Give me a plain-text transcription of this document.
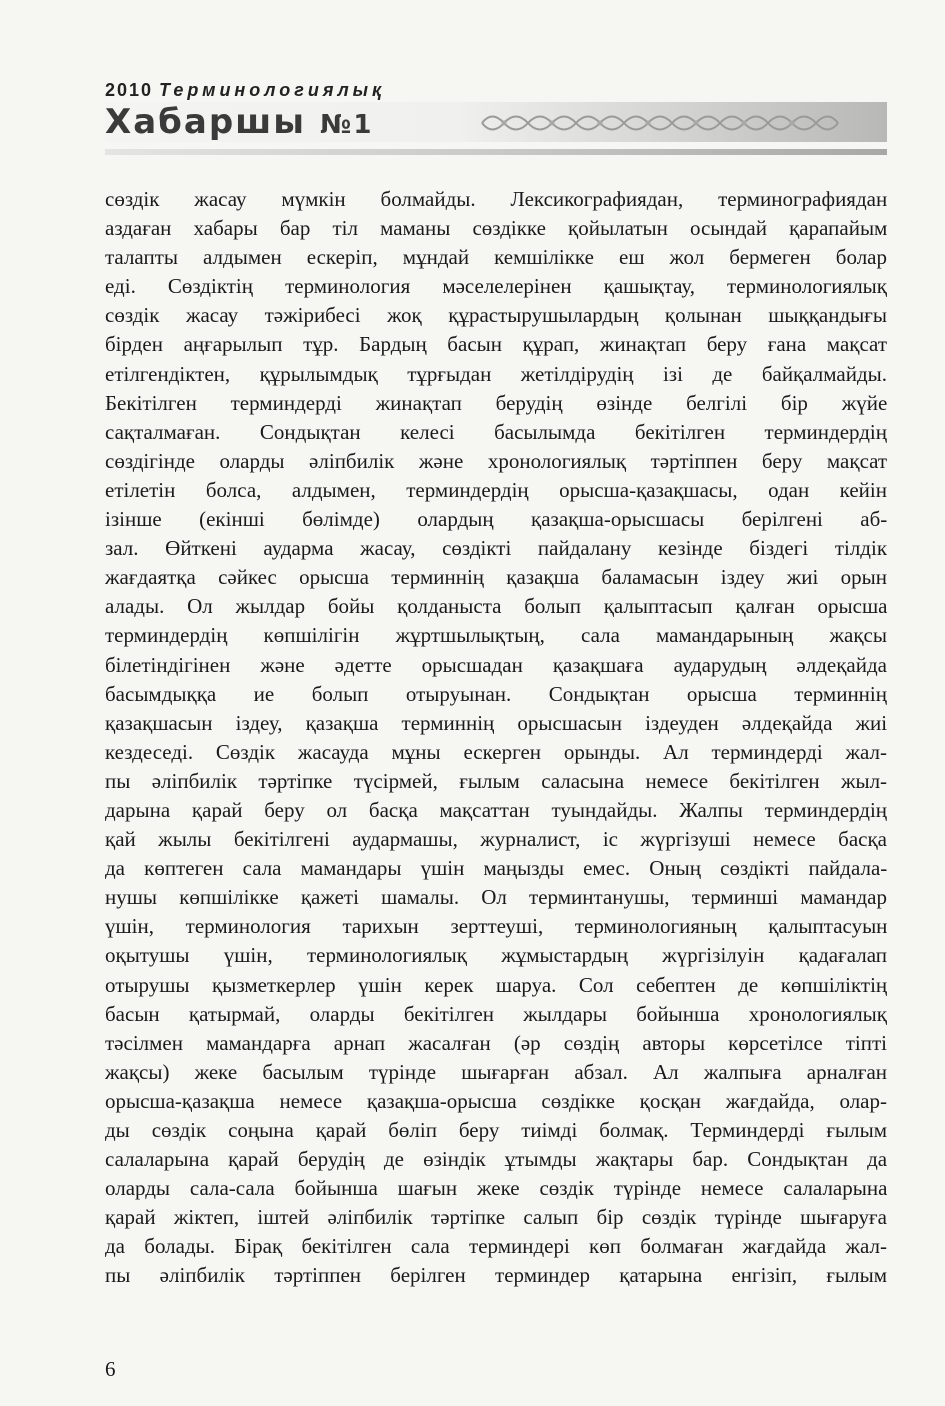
2010 Терминологиялық
Хабаршы №1
сөздік жасау мүмкін болмайды. Лексикографиядан, терминографиядан
аздаған хабары бар тіл маманы сөздікке қойылатын осындай қарапайым
талапты алдымен ескеріп, мұндай кемшілікке еш жол бермеген болар
еді. Сөздіктің терминология мәселелерінен қашықтау, терминологиялық
сөздік жасау тәжірибесі жоқ құрастырушылардың қолынан шыққандығы
бірден аңғарылып тұр. Бардың басын құрап, жинақтап беру ғана мақсат
етілгендіктен, құрылымдық тұрғыдан жетілдірудің ізі де байқалмайды.
Бекітілген терминдерді жинақтап берудің өзінде белгілі бір жүйе
сақталмаған. Сондықтан келесі басылымда бекітілген терминдердің
сөздігінде оларды әліпбилік және хронологиялық тәртіппен беру мақсат
етілетін болса, алдымен, терминдердің орысша-қазақшасы, одан кейін
ізінше (екінші бөлімде) олардың қазақша-орысшасы берілгені аб-
зал. Өйткені аударма жасау, сөздікті пайдалану кезінде біздегі тілдік
жағдаятқа сәйкес орысша терминнің қазақша баламасын іздеу жиі орын
алады. Ол жылдар бойы қолданыста болып қалыптасып қалған орысша
терминдердің көпшілігін жұртшылықтың, сала мамандарының жақсы
білетіндігінен және әдетте орысшадан қазақшаға аударудың әлдеқайда
басымдыққа ие болып отыруынан. Сондықтан орысша терминнің
қазақшасын іздеу, қазақша терминнің орысшасын іздеуден әлдеқайда жиі
кездеседі. Сөздік жасауда мұны ескерген орынды. Ал терминдерді жал-
пы әліпбилік тәртіпке түсірмей, ғылым саласына немесе бекітілген жыл-
дарына қарай беру ол басқа мақсаттан туындайды. Жалпы терминдердің
қай жылы бекітілгені аудармашы, журналист, іс жүргізуші немесе басқа
да көптеген сала мамандары үшін маңызды емес. Оның сөздікті пайдала-
нушы көпшілікке қажеті шамалы. Ол терминтанушы, терминші мамандар
үшін, терминология тарихын зерттеуші, терминологияның қалыптасуын
оқытушы үшін, терминологиялық жұмыстардың жүргізілуін қадағалап
отырушы қызметкерлер үшін керек шаруа. Сол себептен де көпшіліктің
басын қатырмай, оларды бекітілген жылдары бойынша хронологиялық
тәсілмен мамандарға арнап жасалған (әр сөздің авторы көрсетілсе тіпті
жақсы) жеке басылым түрінде шығарған абзал. Ал жалпыға арналған
орысша-қазақша немесе қазақша-орысша сөздікке қосқан жағдайда, олар-
ды сөздік соңына қарай бөліп беру тиімді болмақ. Терминдерді ғылым
салаларына қарай берудің де өзіндік ұтымды жақтары бар. Сондықтан да
оларды сала-сала бойынша шағын жеке сөздік түрінде немесе салаларына
қарай жіктеп, іштей әліпбилік тәртіпке салып бір сөздік түрінде шығаруға
да болады. Бірақ бекітілген сала терминдері көп болмаған жағдайда жал-
пы әліпбилік тәртіппен берілген терминдер қатарына енгізіп, ғылым
6
